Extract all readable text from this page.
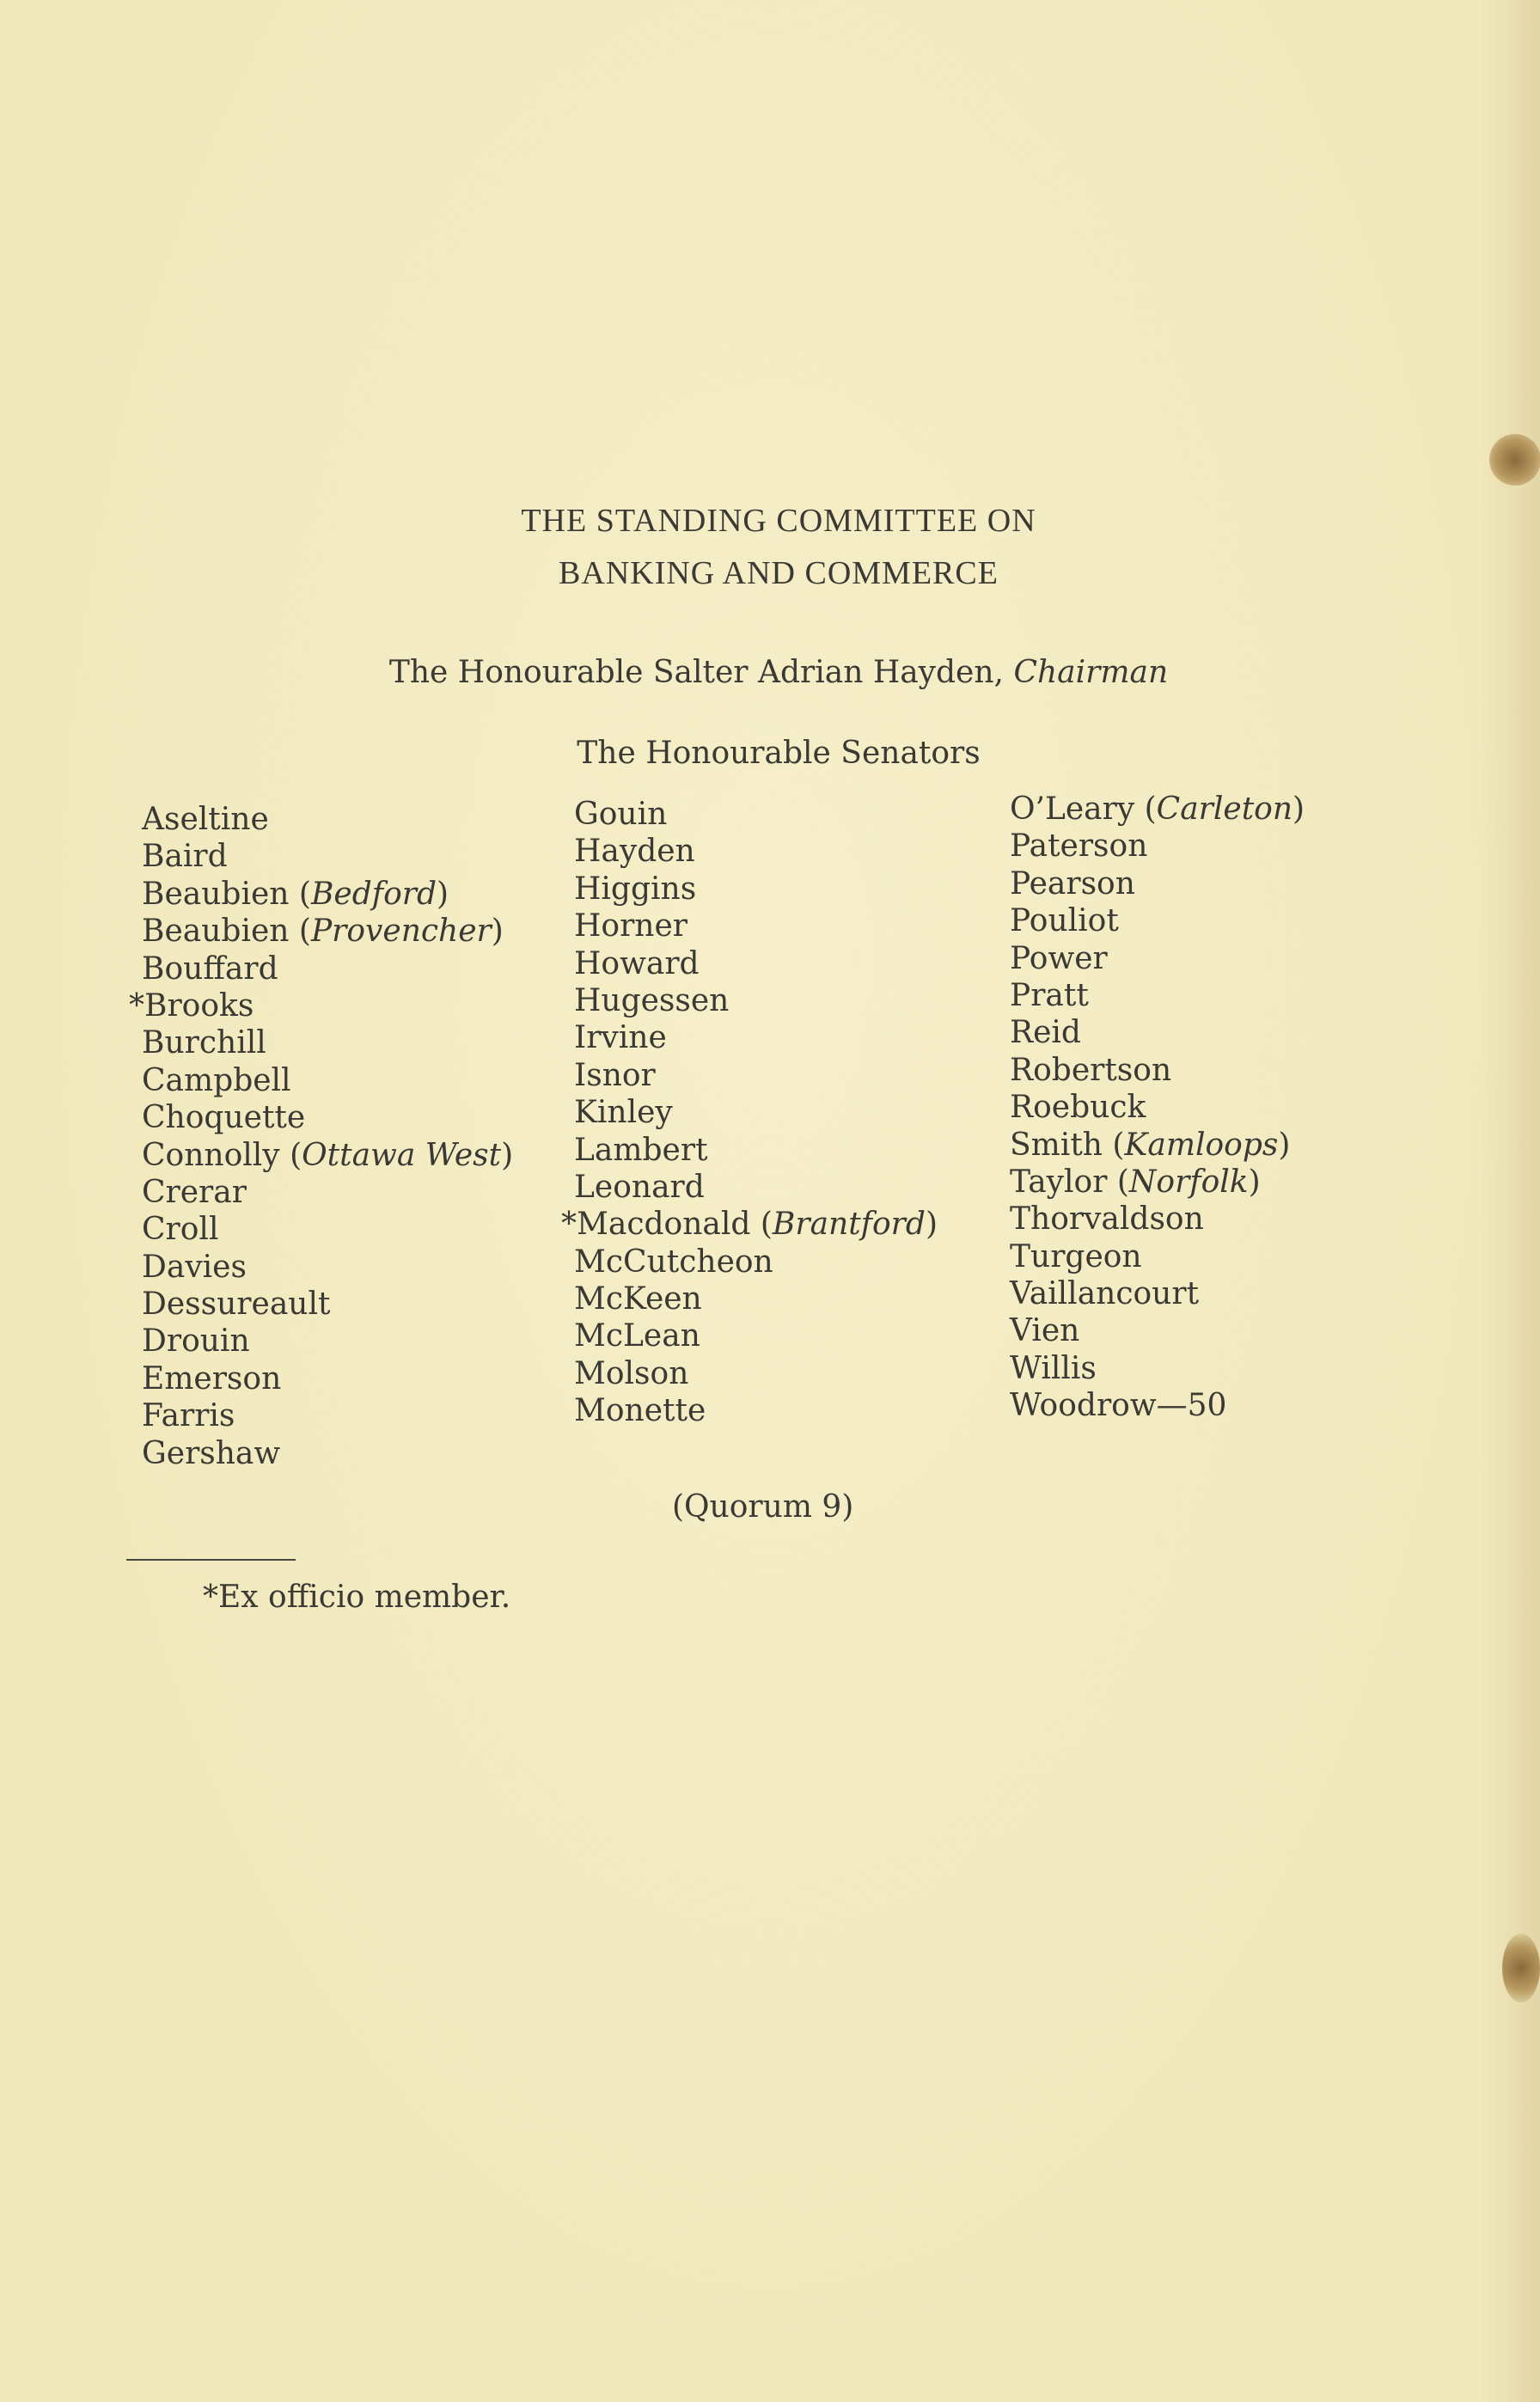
THE STANDING COMMITTEE ON
BANKING AND COMMERCE
The Honourable Salter Adrian Hayden, Chairman
The Honourable Senators
Aseltine
Baird
Beaubien (Bedford)
Beaubien (Provencher)
Bouffard
*Brooks
Burchill
Campbell
Choquette
Connolly (Ottawa West)
Crerar
Croll
Davies
Dessureault
Drouin
Emerson
Farris
Gershaw
Gouin
Hayden
Higgins
Horner
Howard
Hugessen
Irvine
Isnor
Kinley
Lambert
Leonard
*Macdonald (Brantford)
McCutcheon
McKeen
McLean
Molson
Monette
O’Leary (Carleton)
Paterson
Pearson
Pouliot
Power
Pratt
Reid
Robertson
Roebuck
Smith (Kamloops)
Taylor (Norfolk)
Thorvaldson
Turgeon
Vaillancourt
Vien
Willis
Woodrow—50
(Quorum 9)
*Ex officio member.
